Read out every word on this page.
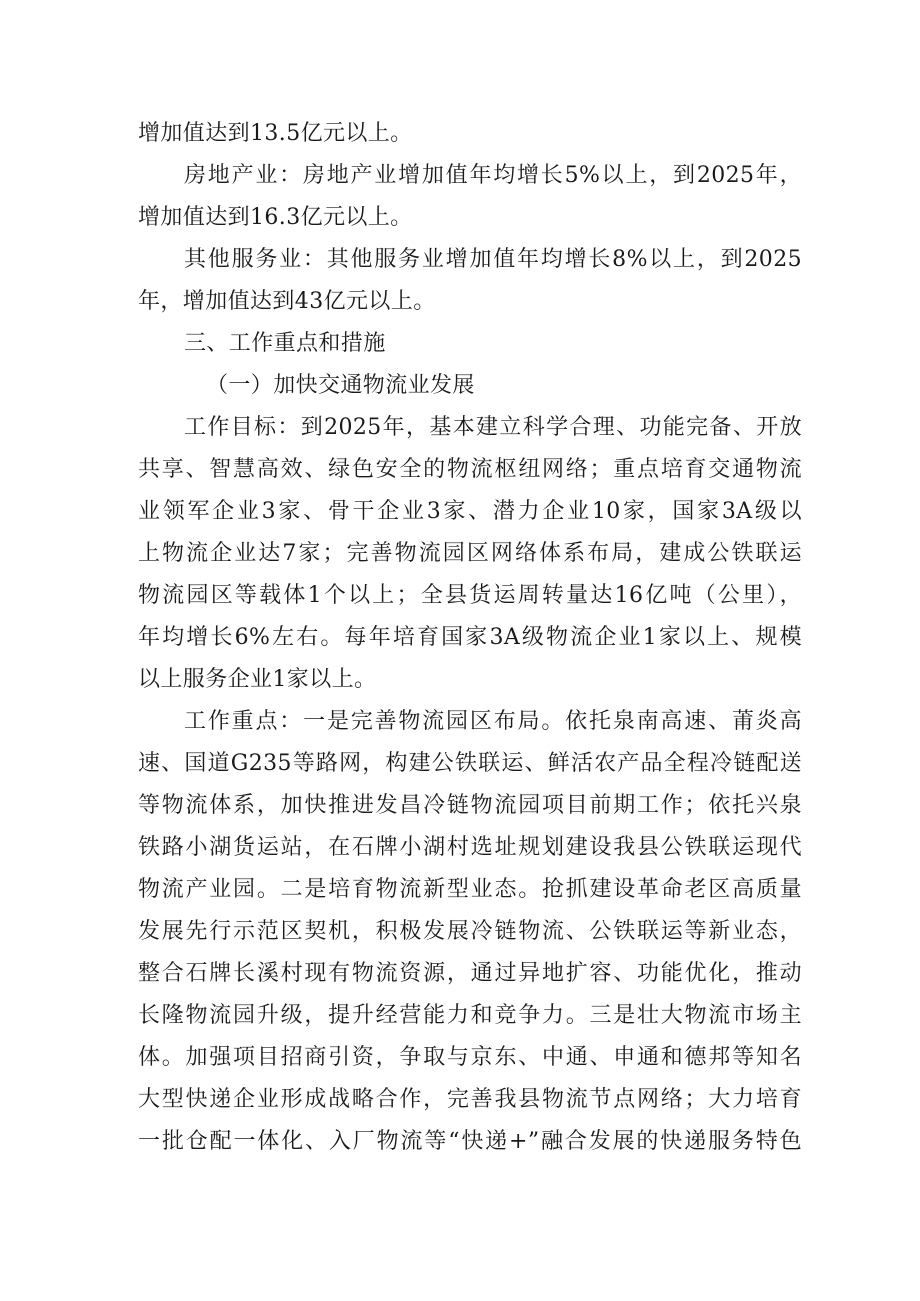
增加值达到13.5亿元以上。
房地产业：房地产业增加值年均增长5%以上，到2025年，
增加值达到16.3亿元以上。
其他服务业：其他服务业增加值年均增长8%以上，到2025
年，增加值达到43亿元以上。
三、工作重点和措施
（一）加快交通物流业发展
工作目标：到2025年，基本建立科学合理、功能完备、开放
共享、智慧高效、绿色安全的物流枢纽网络；重点培育交通物流
业领军企业3家、骨干企业3家、潜力企业10家，国家3A级以
上物流企业达7家；完善物流园区网络体系布局，建成公铁联运
物流园区等载体1个以上；全县货运周转量达16亿吨（公里），
年均增长6%左右。每年培育国家3A级物流企业1家以上、规模
以上服务企业1家以上。
工作重点：一是完善物流园区布局。依托泉南高速、莆炎高
速、国道G235等路网，构建公铁联运、鲜活农产品全程冷链配送
等物流体系，加快推进发昌冷链物流园项目前期工作；依托兴泉
铁路小湖货运站，在石牌小湖村选址规划建设我县公铁联运现代
物流产业园。二是培育物流新型业态。抢抓建设革命老区高质量
发展先行示范区契机，积极发展冷链物流、公铁联运等新业态，
整合石牌长溪村现有物流资源，通过异地扩容、功能优化，推动
长隆物流园升级，提升经营能力和竞争力。三是壮大物流市场主
体。加强项目招商引资，争取与京东、中通、申通和德邦等知名
大型快递企业形成战略合作，完善我县物流节点网络；大力培育
一批仓配一体化、入厂物流等“快递+”融合发展的快递服务特色
